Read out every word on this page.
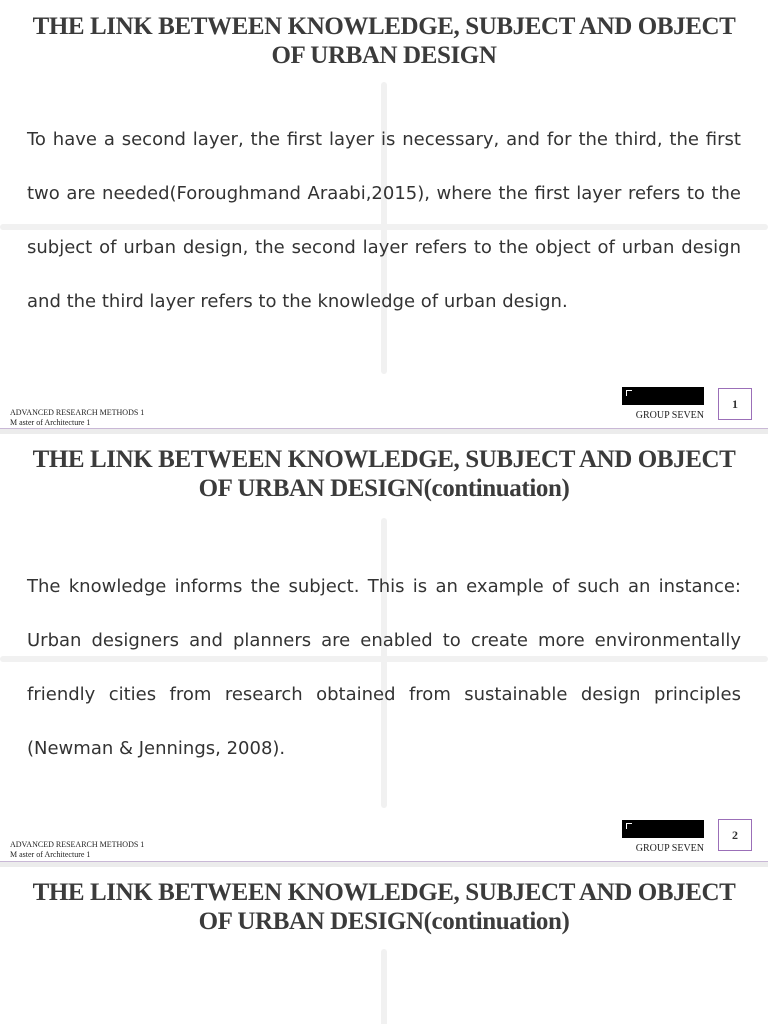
THE LINK BETWEEN KNOWLEDGE, SUBJECT AND OBJECT OF URBAN DESIGN

To have a second layer, the first layer is necessary, and for the third, the first two are needed(Foroughmand Araabi,2015), where the first layer refers to the subject of urban design, the second layer refers to the object of urban design and the third layer refers to the knowledge of urban design.

ADVANCED RESEARCH METHODS 1
M aster of Architecture 1
GROUP SEVEN
1
THE LINK BETWEEN KNOWLEDGE, SUBJECT AND OBJECT OF URBAN DESIGN(continuation)

The knowledge informs the subject. This is an example of such an instance: Urban designers and planners are enabled to create more environmentally friendly cities from research obtained from sustainable design principles (Newman & Jennings, 2008).

ADVANCED RESEARCH METHODS 1
M aster of Architecture 1
GROUP SEVEN
2
THE LINK BETWEEN KNOWLEDGE, SUBJECT AND OBJECT OF URBAN DESIGN(continuation)
